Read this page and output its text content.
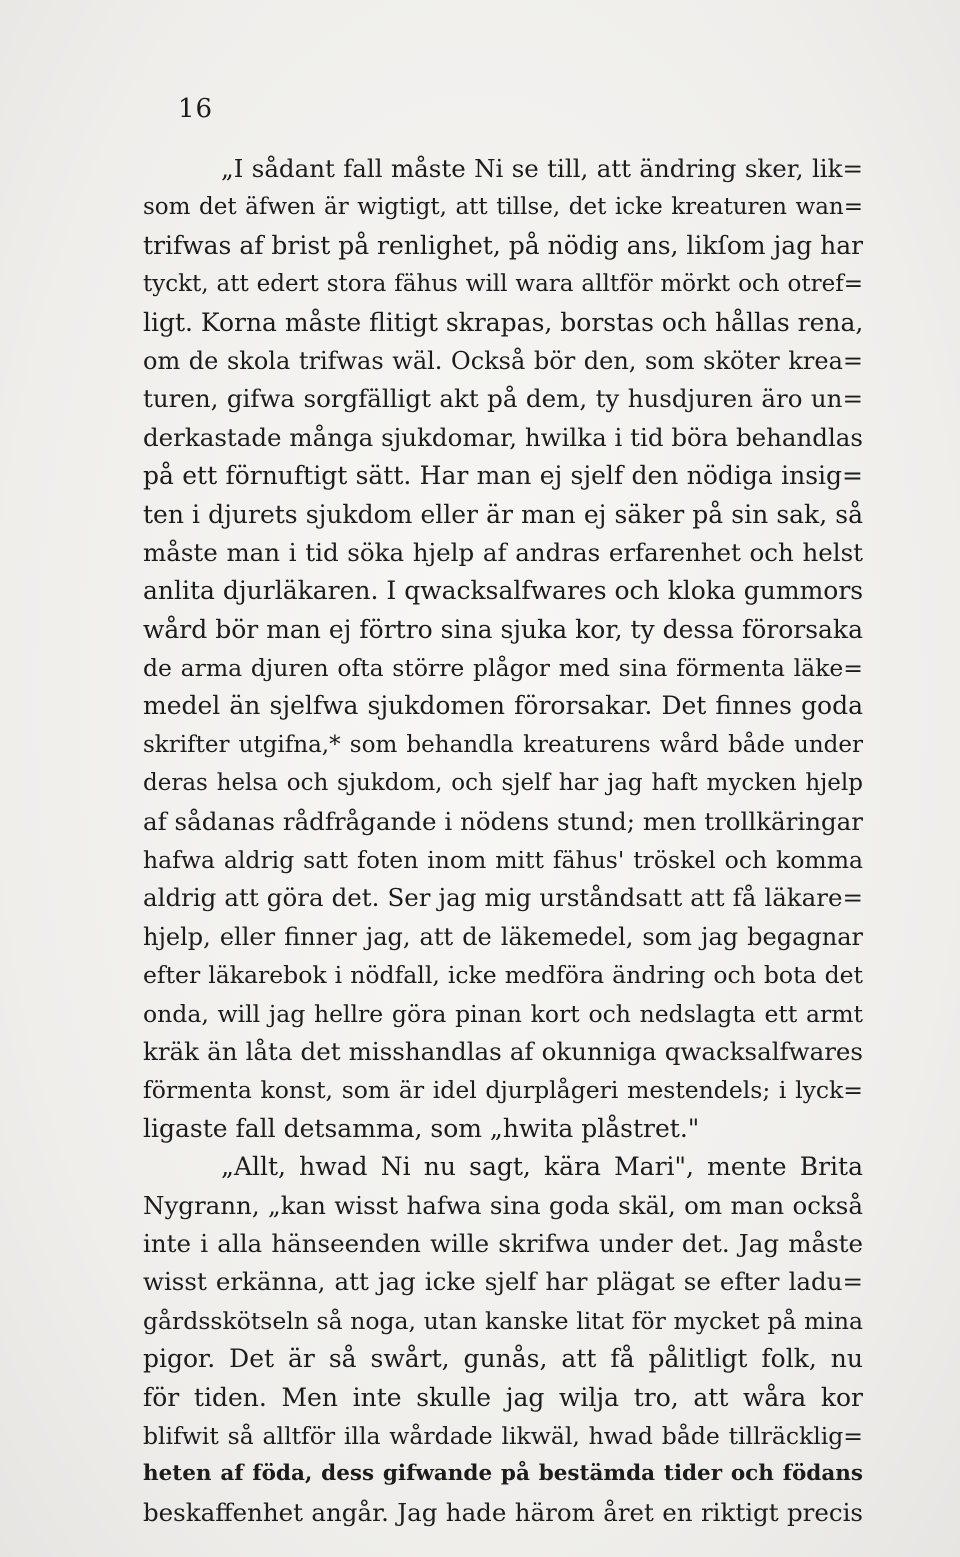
16
„I sådant fall måste Ni se till, att ändring sker, lik=
som det äfwen är wigtigt, att tillse, det icke kreaturen wan=
trifwas af brist på renlighet, på nödig ans, likſom jag har
tyckt, att edert stora fähus will wara alltför mörkt och otref=
ligt. Korna måste flitigt skrapas, borstas och hållas rena,
om de skola trifwas wäl. Också bör den, som sköter krea=
turen, gifwa sorgfälligt akt på dem, ty husdjuren äro un=
derkastade många sjukdomar, hwilka i tid böra behandlas
på ett förnuftigt sätt. Har man ej sjelf den nödiga insig=
ten i djurets sjukdom eller är man ej säker på sin sak, så
måste man i tid söka hjelp af andras erfarenhet och helst
anlita djurläkaren. I qwacksalfwares och kloka gummors
wård bör man ej förtro sina sjuka kor, ty dessa förorsaka
de arma djuren ofta större plågor med sina förmenta läke=
medel än sjelfwa sjukdomen förorsakar. Det finnes goda
skrifter utgifna,* som behandla kreaturens wård både under
deras helsa och sjukdom, och sjelf har jag haft mycken hjelp
af sådanas rådfrågande i nödens stund; men trollkäringar
hafwa aldrig satt foten inom mitt fähus' tröskel och komma
aldrig att göra det. Ser jag mig urståndsatt att få läkare=
hjelp, eller finner jag, att de läkemedel, som jag begagnar
efter läkarebok i nödfall, icke medföra ändring och bota det
onda, will jag hellre göra pinan kort och nedslagta ett armt
kräk än låta det misshandlas af okunniga qwacksalfwares
förmenta konst, som är idel djurplågeri mestendels; i lyck=
ligaste fall detsamma, som „hwita plåstret."
„Allt, hwad Ni nu sagt, kära Mari", mente Brita
Nygrann, „kan wisst hafwa sina goda skäl, om man också
inte i alla hänseenden wille skrifwa under det. Jag måste
wisst erkänna, att jag icke sjelf har plägat se efter ladu=
gårdsskötseln så noga, utan kanske litat för mycket på mina
pigor. Det är så swårt, gunås, att få pålitligt folk, nu
för tiden. Men inte skulle jag wilja tro, att wåra kor
blifwit så alltför illa wårdade likwäl, hwad både tillräcklig=
heten af föda, dess gifwande på bestämda tider och födans
beskaffenhet angår. Jag hade härom året en riktigt precis
